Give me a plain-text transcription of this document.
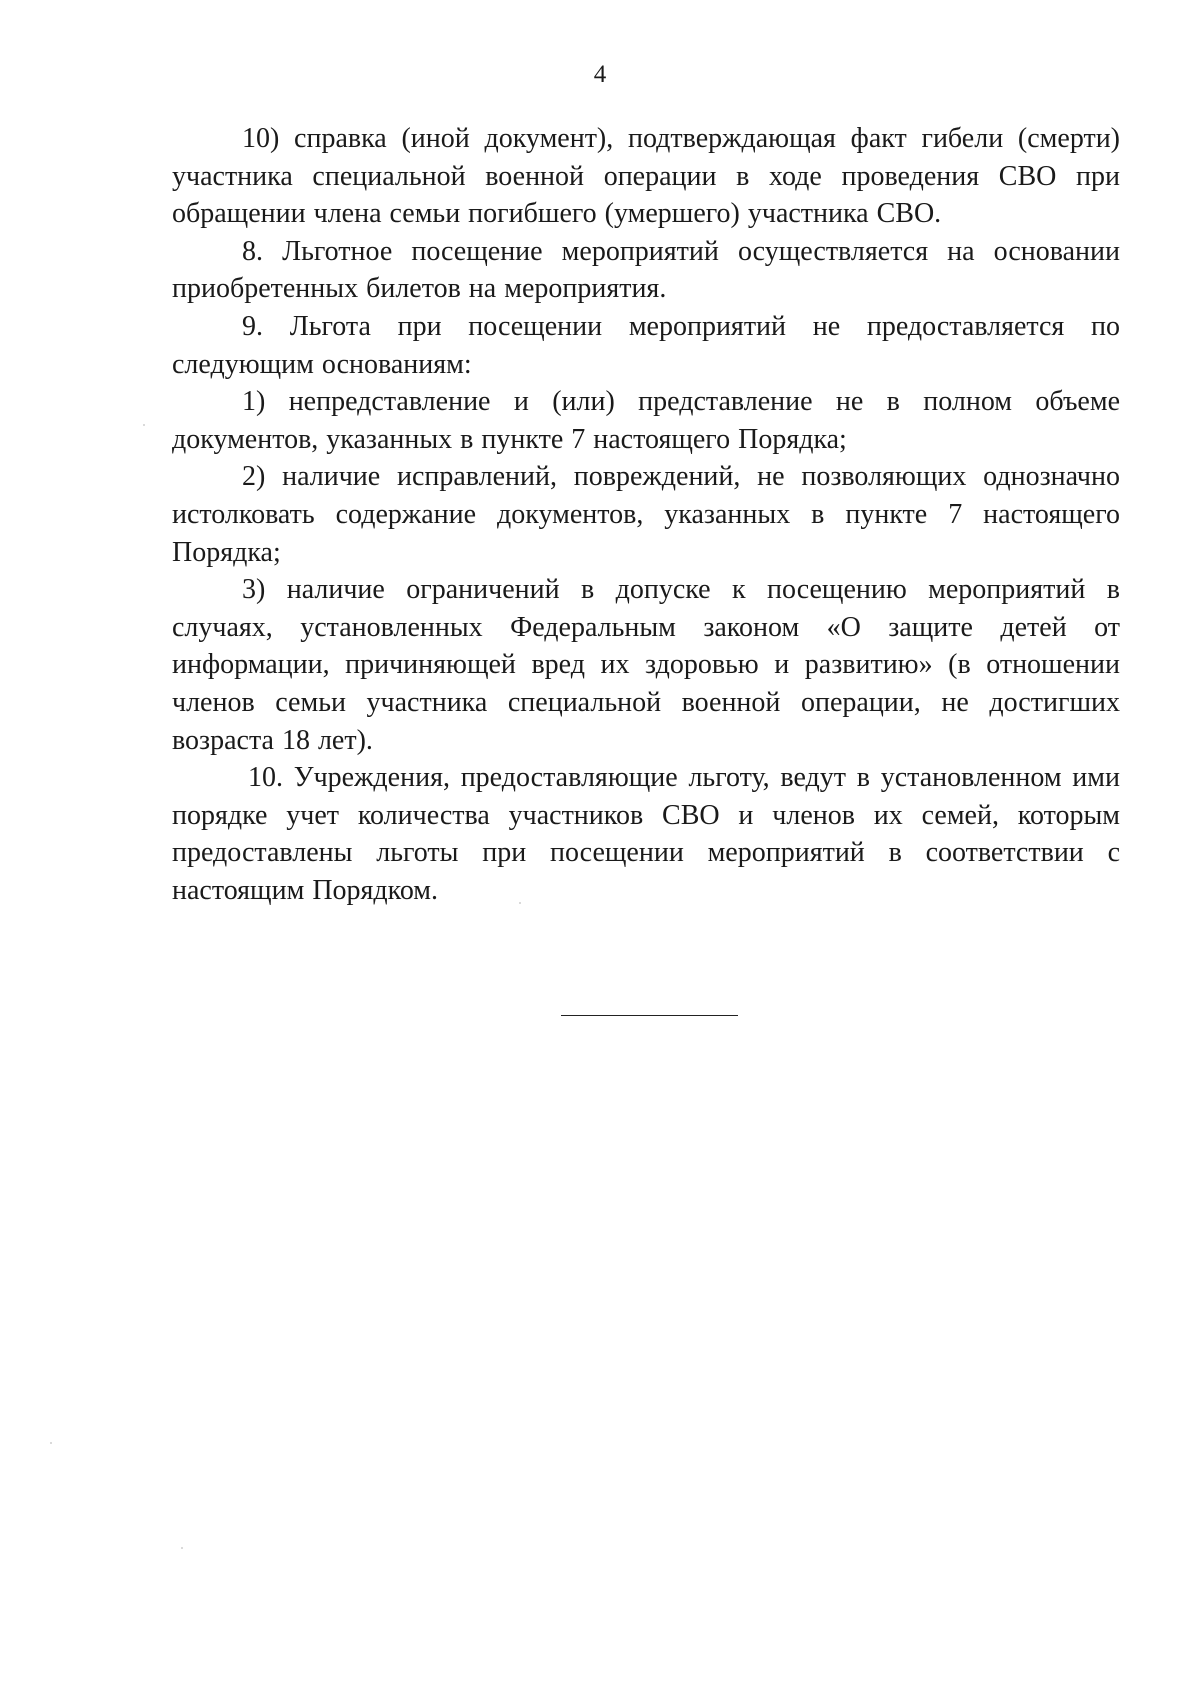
4

10) справка (иной документ), подтверждающая факт гибели (смерти) участника специальной военной операции в ходе проведения СВО при обращении члена семьи погибшего (умершего) участника СВО.

8. Льготное посещение мероприятий осуществляется на основании приобретенных билетов на мероприятия.

9. Льгота при посещении мероприятий не предоставляется по следующим основаниям:

1) непредставление и (или) представление не в полном объеме документов, указанных в пункте 7 настоящего Порядка;

2) наличие исправлений, повреждений, не позволяющих однозначно истолковать содержание документов, указанных в пункте 7 настоящего Порядка;

3) наличие ограничений в допуске к посещению мероприятий в случаях, установленных Федеральным законом «О защите детей от информации, причиняющей вред их здоровью и развитию» (в отношении членов семьи участника специальной военной операции, не достигших возраста 18 лет).

10. Учреждения, предоставляющие льготу, ведут в установленном ими порядке учет количества участников СВО и членов их семей, которым предоставлены льготы при посещении мероприятий в соответствии с настоящим Порядком.
